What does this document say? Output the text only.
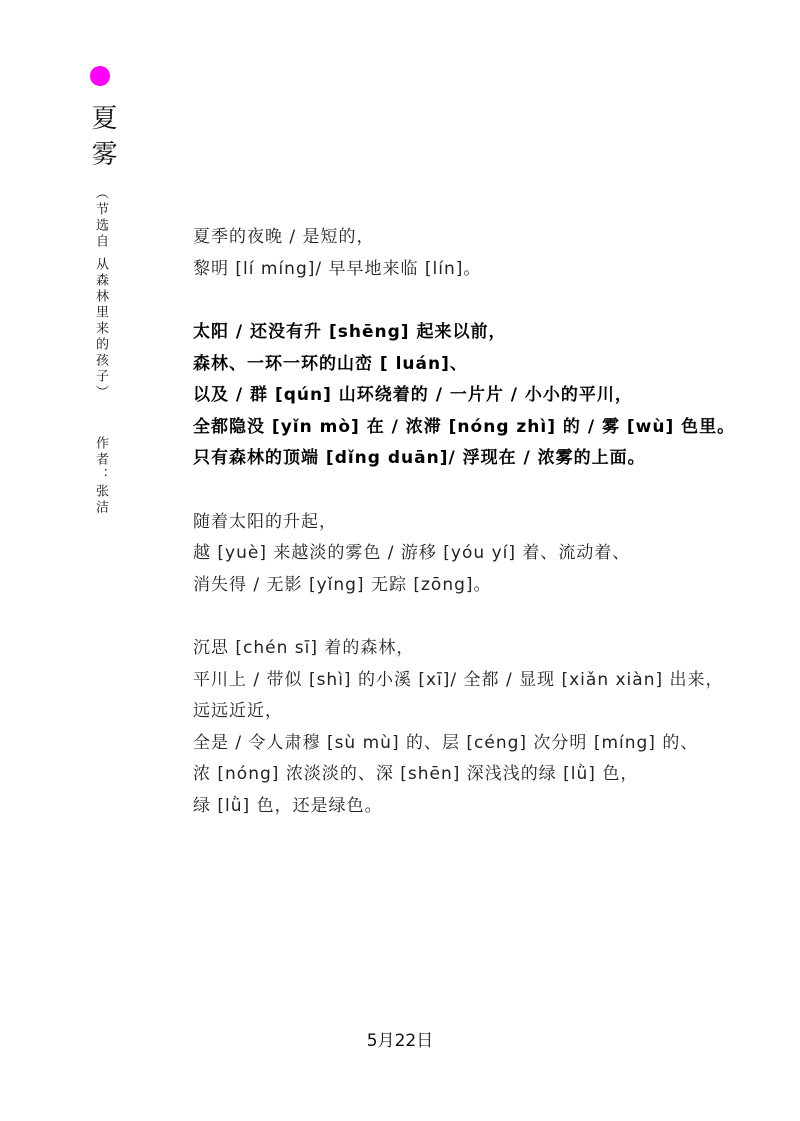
夏雾
（节选自 从森林里来的孩子）
作者：张洁
夏季的夜晚 / 是短的，
黎明 [lí míng]/ 早早地来临 [lín]。
太阳 / 还没有升 [shēng] 起来以前，
森林、一环一环的山峦 [ luán]、
以及 / 群 [qún] 山环绕着的 / 一片片 / 小小的平川，
全都隐没 [yǐn mò] 在 / 浓滞 [nóng zhì] 的 / 雾 [wù] 色里。
只有森林的顶端 [dǐng duān]/ 浮现在 / 浓雾的上面。
随着太阳的升起，
越 [yuè] 来越淡的雾色 / 游移 [yóu yí] 着、流动着、
消失得 / 无影 [yǐng] 无踪 [zōng]。
沉思 [chén sī] 着的森林，
平川上 / 带似 [shì] 的小溪 [xī]/ 全都 / 显现 [xiǎn xiàn] 出来，
远远近近，
全是 / 令人肃穆 [sù mù] 的、层 [céng] 次分明 [míng] 的、
浓 [nóng] 浓淡淡的、深 [shēn] 深浅浅的绿 [lǜ] 色，
绿 [lǜ] 色，还是绿色。
5月22日
